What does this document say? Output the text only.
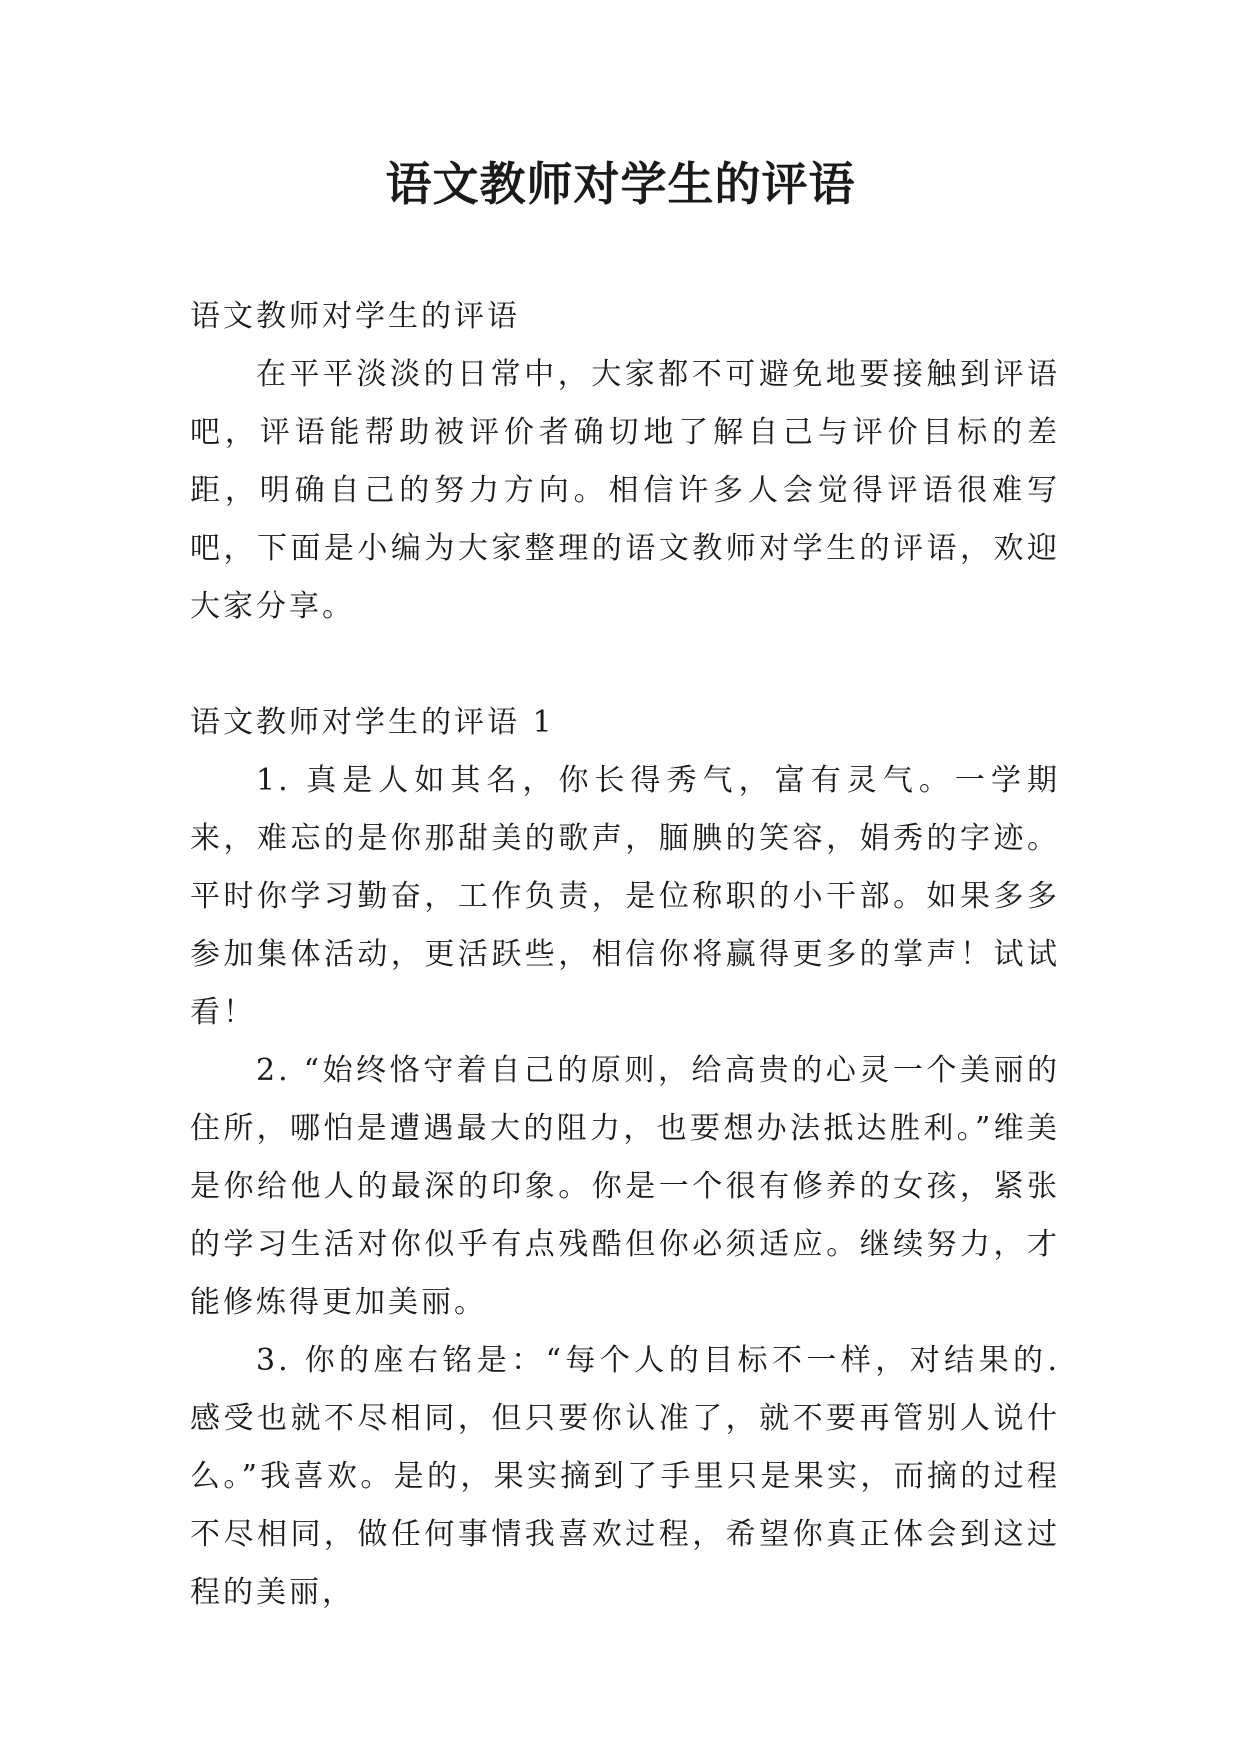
语文教师对学生的评语

语文教师对学生的评语

在平平淡淡的日常中，大家都不可避免地要接触到评语吧，评语能帮助被评价者确切地了解自己与评价目标的差距，明确自己的努力方向。相信许多人会觉得评语很难写吧，下面是小编为大家整理的语文教师对学生的评语，欢迎大家分享。

语文教师对学生的评语 1

1. 真是人如其名，你长得秀气，富有灵气。一学期来，难忘的是你那甜美的歌声，腼腆的笑容，娟秀的字迹。平时你学习勤奋，工作负责，是位称职的小干部。如果多多参加集体活动，更活跃些，相信你将赢得更多的掌声！试试看！

2. “始终恪守着自己的原则，给高贵的心灵一个美丽的住所，哪怕是遭遇最大的阻力，也要想办法抵达胜利。”维美是你给他人的最深的印象。你是一个很有修养的女孩，紧张的学习生活对你似乎有点残酷但你必须适应。继续努力，才能修炼得更加美丽。

3. 你的座右铭是：“每个人的目标不一样，对结果的.感受也就不尽相同，但只要你认准了，就不要再管别人说什么。”我喜欢。是的，果实摘到了手里只是果实，而摘的过程不尽相同，做任何事情我喜欢过程，希望你真正体会到这过程的美丽，
